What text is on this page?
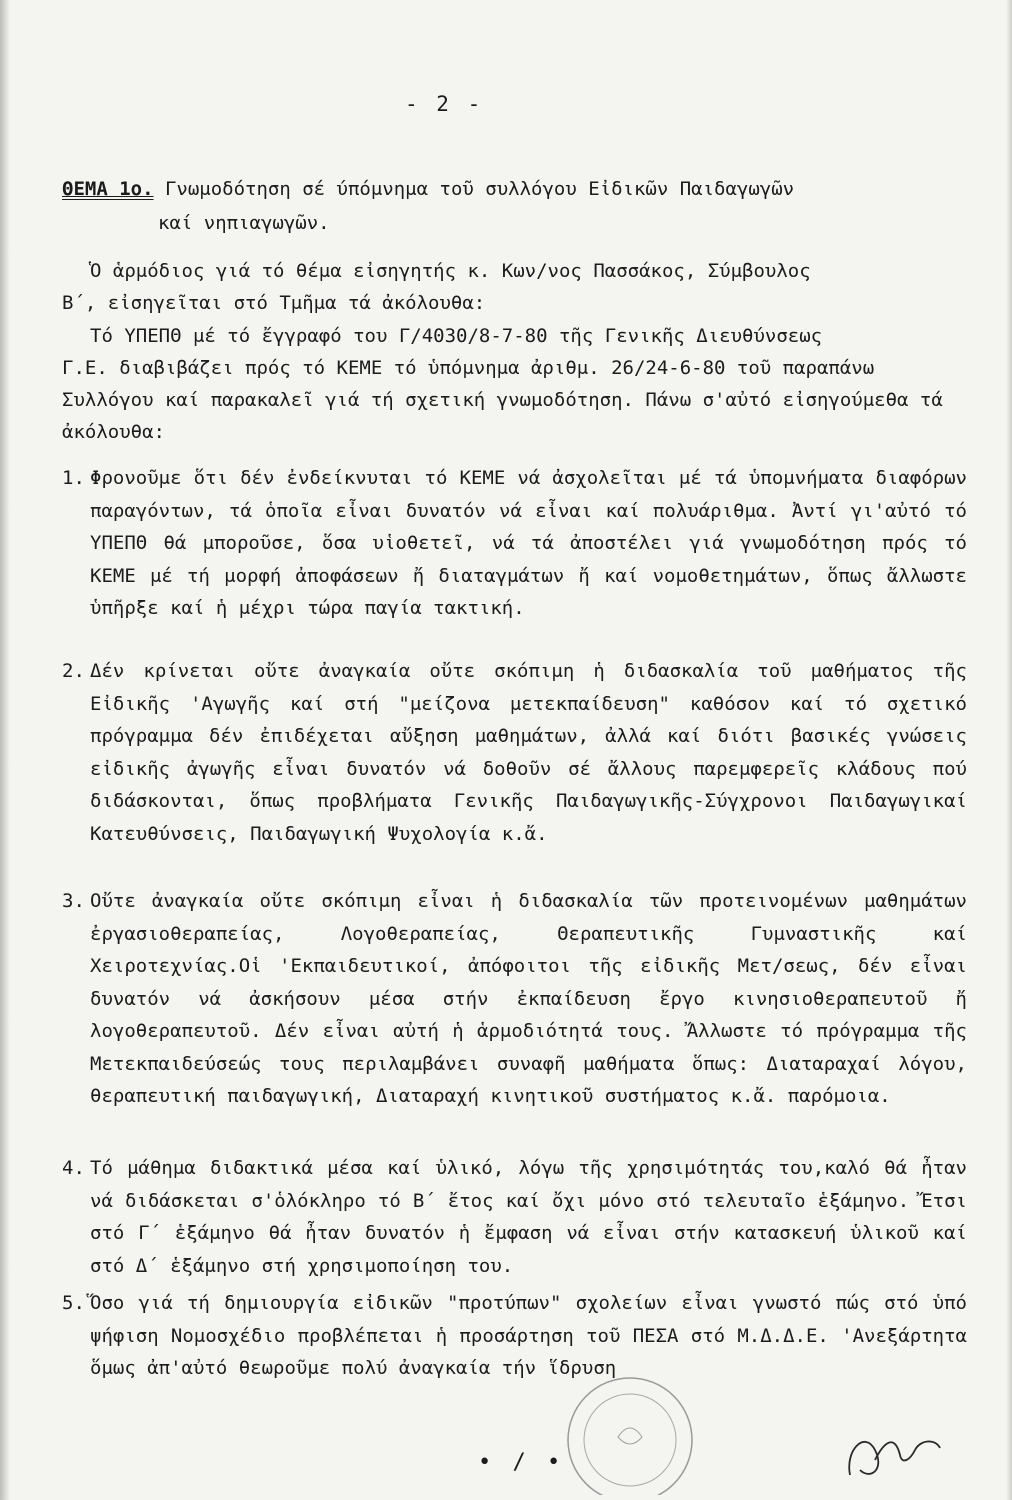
- 2 -
ΘΕΜΑ 1ο. Γνωμοδότηση σέ ύπόμνημα τοῦ συλλόγου Εἰδικῶν Παιδαγωγῶν
καί νηπιαγωγῶν.
Ὁ ἁρμόδιος γιά τό θέμα εἰσηγητής κ. Κων/νος Πασσάκος, Σύμβουλος
Β΄, εἰσηγεῖται στό Τμῆμα τά ἀκόλουθα:
Τό ΥΠΕΠΘ μέ τό ἔγγραφό του Γ/4030/8-7-80 τῆς Γενικῆς Διευθύνσεως
Γ.Ε. διαβιβάζει πρός τό ΚΕΜΕ τό ὑπόμνημα ἀριθμ. 26/24-6-80 τοῦ παραπάνω Συλλόγου καί παρακαλεῖ γιά τή σχετική γνωμοδότηση. Πάνω σ'αὐτό εἰσηγούμεθα τά ἀκόλουθα:
1. Φρονοῦμε ὅτι δέν ἐνδείκνυται τό ΚΕΜΕ νά ἀσχολεῖται μέ τά ὑπομνήματα διαφόρων παραγόντων, τά ὁποῖα εἶναι δυνατόν νά εἶναι καί πολυάριθμα. Ἀντί γι'αὐτό τό ΥΠΕΠΘ θά μποροῦσε, ὅσα υἱοθετεῖ, νά τά ἀποστέλει γιά γνωμοδότηση πρός τό ΚΕΜΕ μέ τή μορφή ἀποφάσεων ἤ διαταγμάτων ἤ καί νομοθετημάτων, ὅπως ἄλλωστε ὑπῆρξε καί ἡ μέχρι τώρα παγία τακτική.
2. Δέν κρίνεται οὔτε ἀναγκαία οὔτε σκόπιμη ἡ διδασκαλία τοῦ μαθήματος τῆς Εἰδικῆς 'Αγωγῆς καί στή "μείζονα μετεκπαίδευση" καθόσον καί τό σχετικό πρόγραμμα δέν ἐπιδέχεται αὔξηση μαθημάτων, ἀλλά καί διότι βασικές γνώσεις εἰδικῆς ἀγωγῆς εἶναι δυνατόν νά δοθοῦν σέ ἄλλους παρεμφερεῖς κλάδους πού διδάσκονται, ὅπως προβλήματα Γενικῆς Παιδαγωγικῆς-Σύγχρονοι Παιδαγωγικαί Κατευθύνσεις, Παιδαγωγική Ψυχολογία κ.ἄ.
3. Οὔτε ἀναγκαία οὔτε σκόπιμη εἶναι ἡ διδασκαλία τῶν προτεινομένων μαθημάτων ἐργασιοθεραπείας, Λογοθεραπείας, Θεραπευτικῆς Γυμναστικῆς καί Χειροτεχνίας.Οἱ 'Εκπαιδευτικοί, ἀπόφοιτοι τῆς εἰδικῆς Μετ/σεως, δέν εἶναι δυνατόν νά ἀσκήσουν μέσα στήν ἐκπαίδευση ἔργο κινησιοθεραπευτοῦ ἤ λογοθεραπευτοῦ. Δέν εἶναι αὐτή ἡ ἁρμοδιότητά τους. Ἄλλωστε τό πρόγραμμα τῆς Μετεκπαιδεύσεώς τους περιλαμβάνει συναφῆ μαθήματα ὅπως: Διαταραχαί λόγου, θεραπευτική παιδαγωγική, Διαταραχή κινητικοῦ συστήματος κ.ἄ. παρόμοια.
4. Τό μάθημα διδακτικά μέσα καί ὑλικό, λόγω τῆς χρησιμότητάς του,καλό θά ἦταν νά διδάσκεται σ'ὁλόκληρο τό Β΄ ἔτος καί ὄχι μόνο στό τελευταῖο ἑξάμηνο. Ἔτσι στό Γ΄ ἑξάμηνο θά ἦταν δυνατόν ἡ ἔμφαση νά εἶναι στήν κατασκευή ὑλικοῦ καί στό Δ΄ ἑξάμηνο στή χρησιμοποίηση του.
5. Ὅσο γιά τή δημιουργία εἰδικῶν "προτύπων" σχολείων εἶναι γνωστό πώς στό ὑπό ψήφιση Νομοσχέδιο προβλέπεται ἡ προσάρτηση τοῦ ΠΕΣΑ στό Μ.Δ.Δ.Ε. 'Ανεξάρτητα ὅμως ἀπ'αὐτό θεωροῦμε πολύ ἀναγκαία τήν ἵδρυση
• / •
